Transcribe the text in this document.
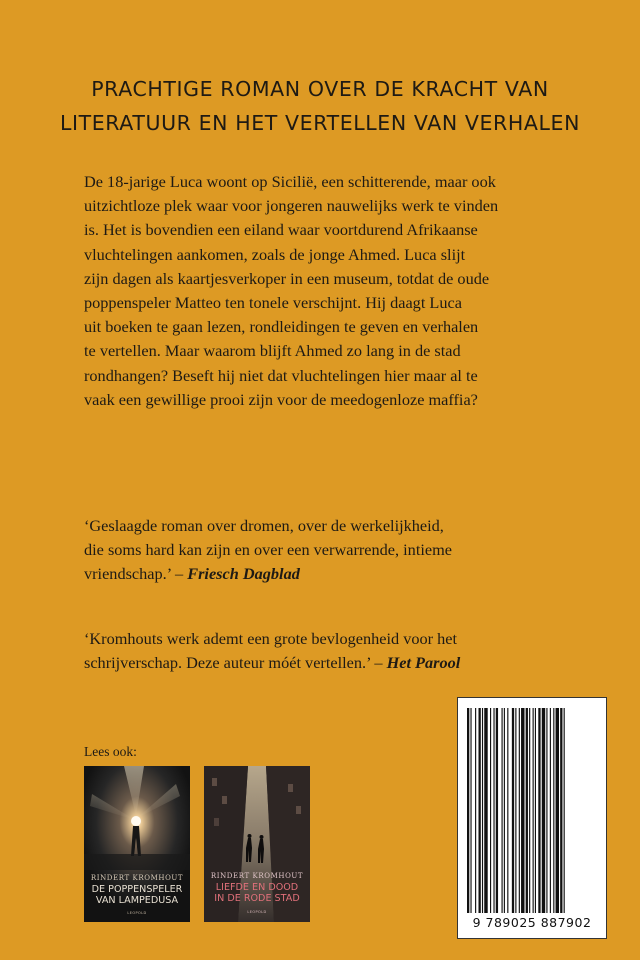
PRACHTIGE ROMAN OVER DE KRACHT VAN
LITERATUUR EN HET VERTELLEN VAN VERHALEN
De 18-jarige Luca woont op Sicilië, een schitterende, maar ook
uitzichtloze plek waar voor jongeren nauwelijks werk te vinden
is. Het is bovendien een eiland waar voortdurend Afrikaanse
vluchtelingen aankomen, zoals de jonge Ahmed. Luca slijt
zijn dagen als kaartjesverkoper in een museum, totdat de oude
poppenspeler Matteo ten tonele verschijnt. Hij daagt Luca
uit boeken te gaan lezen, rondleidingen te geven en verhalen
te vertellen. Maar waarom blijft Ahmed zo lang in de stad
rondhangen? Beseft hij niet dat vluchtelingen hier maar al te
vaak een gewillige prooi zijn voor de meedogenloze maffia?
‘Geslaagde roman over dromen, over de werkelijkheid,
die soms hard kan zijn en over een verwarrende, intieme
vriendschap.’ – Friesch Dagblad
‘Kromhouts werk ademt een grote bevlogenheid voor het
schrijverschap. Deze auteur móét vertellen.’ – Het Parool
Lees ook:
RINDERT KROMHOUT
DE POPPENSPELER
VAN LAMPEDUSA
LEOPOLD
RINDERT KROMHOUT
LIEFDE EN DOOD
IN DE RODE STAD
LEOPOLD
9 789025 887902
